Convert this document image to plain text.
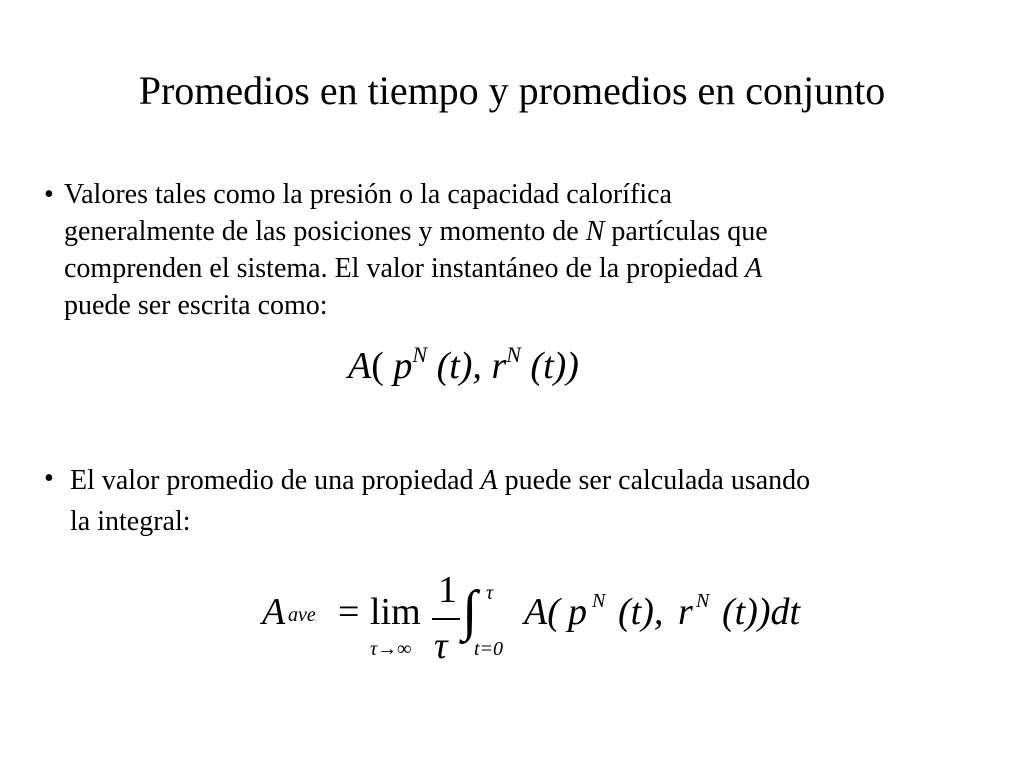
Promedios en tiempo y promedios en conjunto
• Valores tales como la presión o la capacidad calorífica
generalmente de las posiciones y momento de N partículas que
comprenden el sistema. El valor instantáneo de la propiedad A
puede ser escrita como:
A( $p^N$ (t), $r^N$ (t))
• El valor promedio de una propiedad A puede ser calculada usando
la integral:
A ave = lim
τ→∞
1
τ
∫ τ
t=0
A( p N (t), r N (t))dt
